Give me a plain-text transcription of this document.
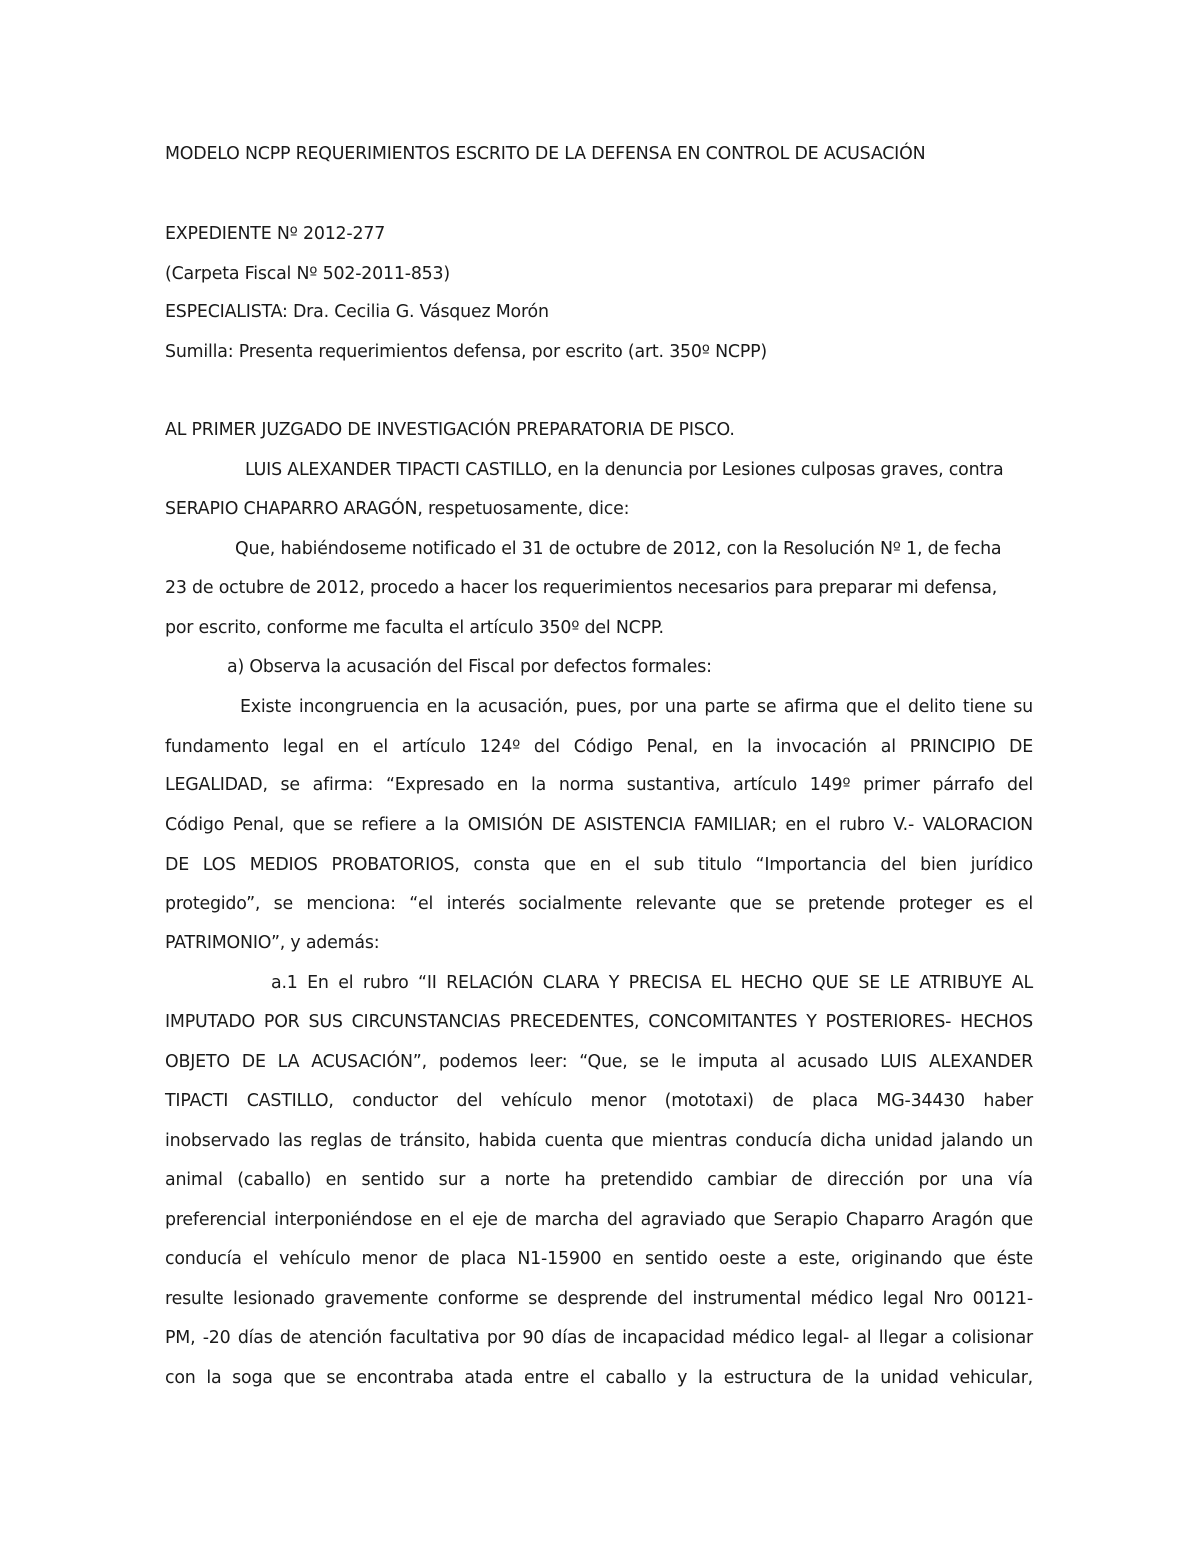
MODELO NCPP REQUERIMIENTOS ESCRITO DE LA DEFENSA EN CONTROL DE ACUSACIÓN
EXPEDIENTE Nº 2012-277
(Carpeta Fiscal Nº 502-2011-853)
ESPECIALISTA: Dra. Cecilia G. Vásquez Morón
Sumilla: Presenta requerimientos defensa, por escrito (art. 350º NCPP)
AL PRIMER JUZGADO DE INVESTIGACIÓN PREPARATORIA DE PISCO.
LUIS ALEXANDER TIPACTI CASTILLO, en la denuncia por Lesiones culposas graves, contra
SERAPIO CHAPARRO ARAGÓN, respetuosamente, dice:
Que, habiéndoseme notificado el 31 de octubre de 2012, con la Resolución Nº 1, de fecha
23 de octubre de 2012, procedo a hacer los requerimientos necesarios para preparar mi defensa,
por escrito, conforme me faculta el artículo 350º del NCPP.
a) Observa la acusación del Fiscal por defectos formales:
Existe incongruencia en la acusación, pues, por una parte se afirma que el delito tiene su
fundamento legal en el artículo 124º del Código Penal, en la invocación al PRINCIPIO DE
LEGALIDAD, se afirma: “Expresado en la norma sustantiva, artículo 149º primer párrafo del
Código Penal, que se refiere a la OMISIÓN DE ASISTENCIA FAMILIAR; en el rubro V.- VALORACION
DE LOS MEDIOS PROBATORIOS, consta que en el sub titulo “Importancia del bien jurídico
protegido”, se menciona: “el interés socialmente relevante que se pretende proteger es el
PATRIMONIO”, y además:
a.1 En el rubro “II RELACIÓN CLARA Y PRECISA EL HECHO QUE SE LE ATRIBUYE AL
IMPUTADO POR SUS CIRCUNSTANCIAS PRECEDENTES, CONCOMITANTES Y POSTERIORES- HECHOS
OBJETO DE LA ACUSACIÓN”, podemos leer: “Que, se le imputa al acusado LUIS ALEXANDER
TIPACTI CASTILLO, conductor del vehículo menor (mototaxi) de placa MG-34430 haber
inobservado las reglas de tránsito, habida cuenta que mientras conducía dicha unidad jalando un
animal (caballo) en sentido sur a norte ha pretendido cambiar de dirección por una vía
preferencial interponiéndose en el eje de marcha del agraviado que Serapio Chaparro Aragón que
conducía el vehículo menor de placa N1-15900 en sentido oeste a este, originando que éste
resulte lesionado gravemente conforme se desprende del instrumental médico legal Nro 00121-
PM, -20 días de atención facultativa por 90 días de incapacidad médico legal- al llegar a colisionar
con la soga que se encontraba atada entre el caballo y la estructura de la unidad vehicular,
